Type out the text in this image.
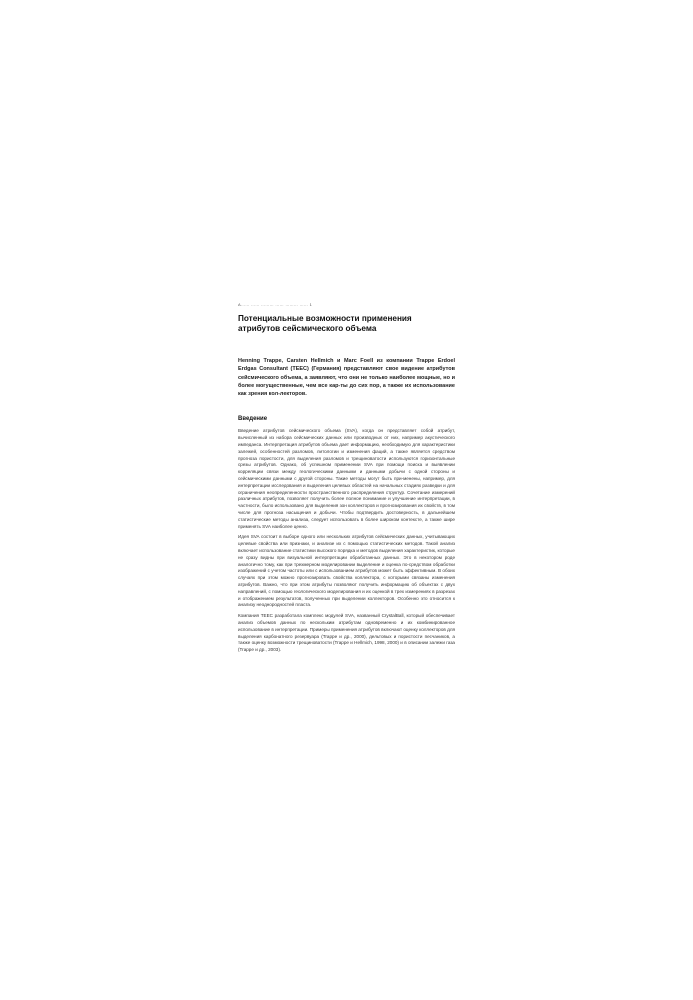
А…… …… ……… …… ……… …… 1
Потенциальные возможности применения атрибутов сейсмического объема

Henning Trappe, Carsten Hellmich и Marc Foell из компании Trappe Erdoel Erdgas Consultant (TEEC) (Германия) представляют свое видение атрибутов сейсмического объема, а заявляют, что они не только наиболее мощные, но и более могущественные, чем все кар-ты до сих пор, а также их использование как зрения кол-лекторов.

Введение

Введение атрибутов сейсмического объема (SVA), когда он представляет собой атрибут, вычисленный из набора сейсмических данных или производных от них, например акустического импеданса. Интерпретация атрибутов объема дает информацию, необходимую для характеристики залежей, особенностей разломов, литологии и изменения фаций, а также является средством прогноза пористости, для выделения разломов и трещиноватости используются горизонтальные срезы атрибутов. Однако, об успешном применении SVA при помощи поиска и выявлении корреляции связи между геологическими данными и данными добычи с одной стороны и сейсмическими данными с другой стороны. Такие методы могут быть при-менены, например, для интерпретации исследования и выделения целевых областей на начальных стадиях разведки и для ограничения неопределенности пространственного распределения структур. Сочетание измерений различных атрибутов, позволяет получить более полное понимание и улучшение интерпретации, в частности, было использовано для выделения зон коллекторов и прогнозирования их свойств, в том числе для прогноза насыщения и добычи. Чтобы подтвердить достоверность, в дальнейшем статистические методы анализа, следует использовать в более широком контексте, а также шире применять SVA наиболее ценно.

Идея SVA состоит в выборе одного или нескольких атрибутов сейсмических данных, учитывающих целевые свойства или признаки, и анализе их с помощью статистических методов. Такой анализ включает использование статистики высокого порядка и методов выделения характеристик, которые не сразу видны при визуальной интерпретации обработанных данных. Это в некотором роде аналогично тому, как при трехмерном моделировании выделение и оценка по-средством обработки изображений с учетом частоты или с использованием атрибутов может быть эффективным. В обоих случаях при этом можно прогнозировать свойства коллектора, с которыми связаны изменения атрибутов. Важно, что при этом атрибуты позволяют получить информацию об объектах с двух направлений, с помощью геологического моделирования и их оценкой в трех измерениях в разрезах и отображением результатов, полученных при выделении коллекторов. Особенно это относится к анализу неоднородностей пласта.

Компания TEEC разработала комплекс модулей SVA, названный CrystalBall, который обеспечивает анализ объемов данных по нескольким атрибутам одновременно и их комбинированное использование в интерпретации. Примеры применения атрибутов включают оценку коллекторов для выделения карбонатного резервуара (Trappe и др., 2000), дельтовых и пористости песчаников, а также оценку возможности трещиноватости (Trappe и Hellmich, 1998, 2000) и в описании залежи газа (Trappe и др., 2003).
